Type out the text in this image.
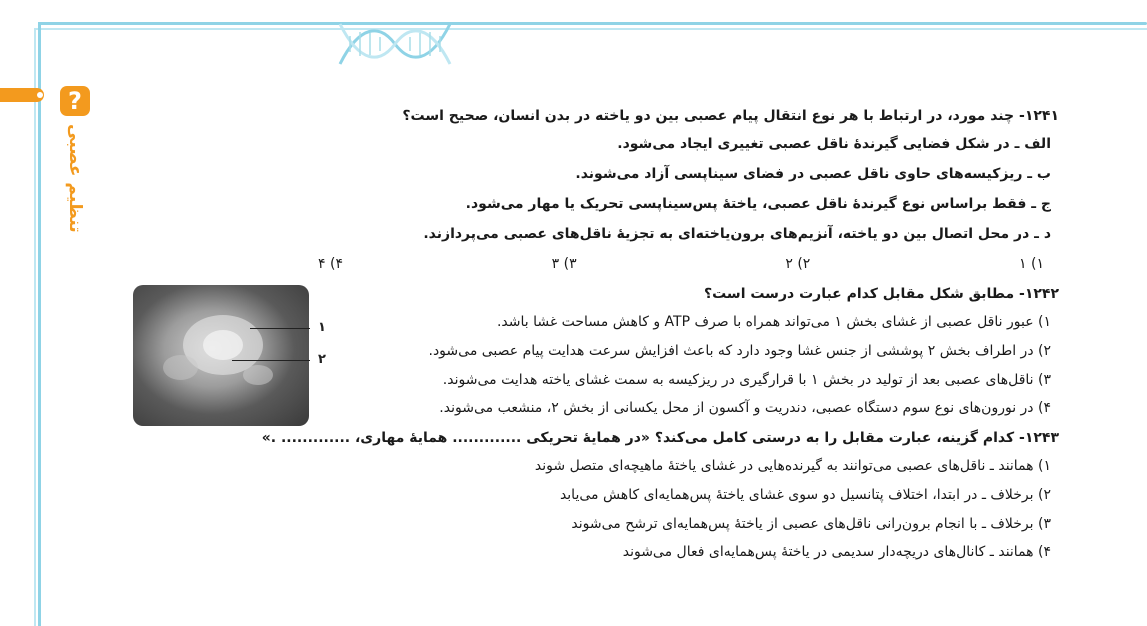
?
تنظیم عصبی
۱۲۴۱- چند مورد، در ارتباط با هر نوع انتقال پیام عصبی بین دو یاخته در بدن انسان، صحیح است؟
الف ـ در شکل فضایی گیرندهٔ ناقل عصبی تغییری ایجاد می‌شود.
ب ـ ریزکیسه‌های حاوی ناقل عصبی در فضای سیناپسی آزاد می‌شوند.
ج ـ فقط براساس نوع گیرندهٔ ناقل عصبی، یاختهٔ پس‌سیناپسی تحریک یا مهار می‌شود.
د ـ در محل اتصال بین دو یاخته، آنزیم‌های برون‌یاخته‌ای به تجزیهٔ ناقل‌های عصبی می‌پردازند.
۱) ۱
۲) ۲
۳) ۳
۴) ۴
۱۲۴۲- مطابق شکل مقابل کدام عبارت درست است؟
۱) عبور ناقل عصبی از غشای بخش ۱ می‌تواند همراه با صرف ATP و کاهش مساحت غشا باشد.
۲) در اطراف بخش ۲ پوششی از جنس غشا وجود دارد که باعث افزایش سرعت هدایت پیام عصبی می‌شود.
۳) ناقل‌های عصبی بعد از تولید در بخش ۱ با قرارگیری در ریزکیسه به سمت غشای یاخته هدایت می‌شوند.
۴) در نورون‌های نوع سوم دستگاه عصبی، دندریت و آکسون از محل یکسانی از بخش ۲، منشعب می‌شوند.
۱
۲
۱۲۴۳- کدام گزینه، عبارت مقابل را به درستی کامل می‌کند؟ «در همایهٔ تحریکی ............. همایهٔ مهاری، ............. .»
۱) همانند ـ ناقل‌های عصبی می‌توانند به گیرنده‌هایی در غشای یاختهٔ ماهیچه‌ای متصل شوند
۲) برخلاف ـ در ابتدا، اختلاف پتانسیل دو سوی غشای یاختهٔ پس‌همایه‌ای کاهش می‌یابد
۳) برخلاف ـ با انجام برون‌رانی ناقل‌های عصبی از یاختهٔ پس‌همایه‌ای ترشح می‌شوند
۴) همانند ـ کانال‌های دریچه‌دار سدیمی در یاختهٔ پس‌همایه‌ای فعال می‌شوند
